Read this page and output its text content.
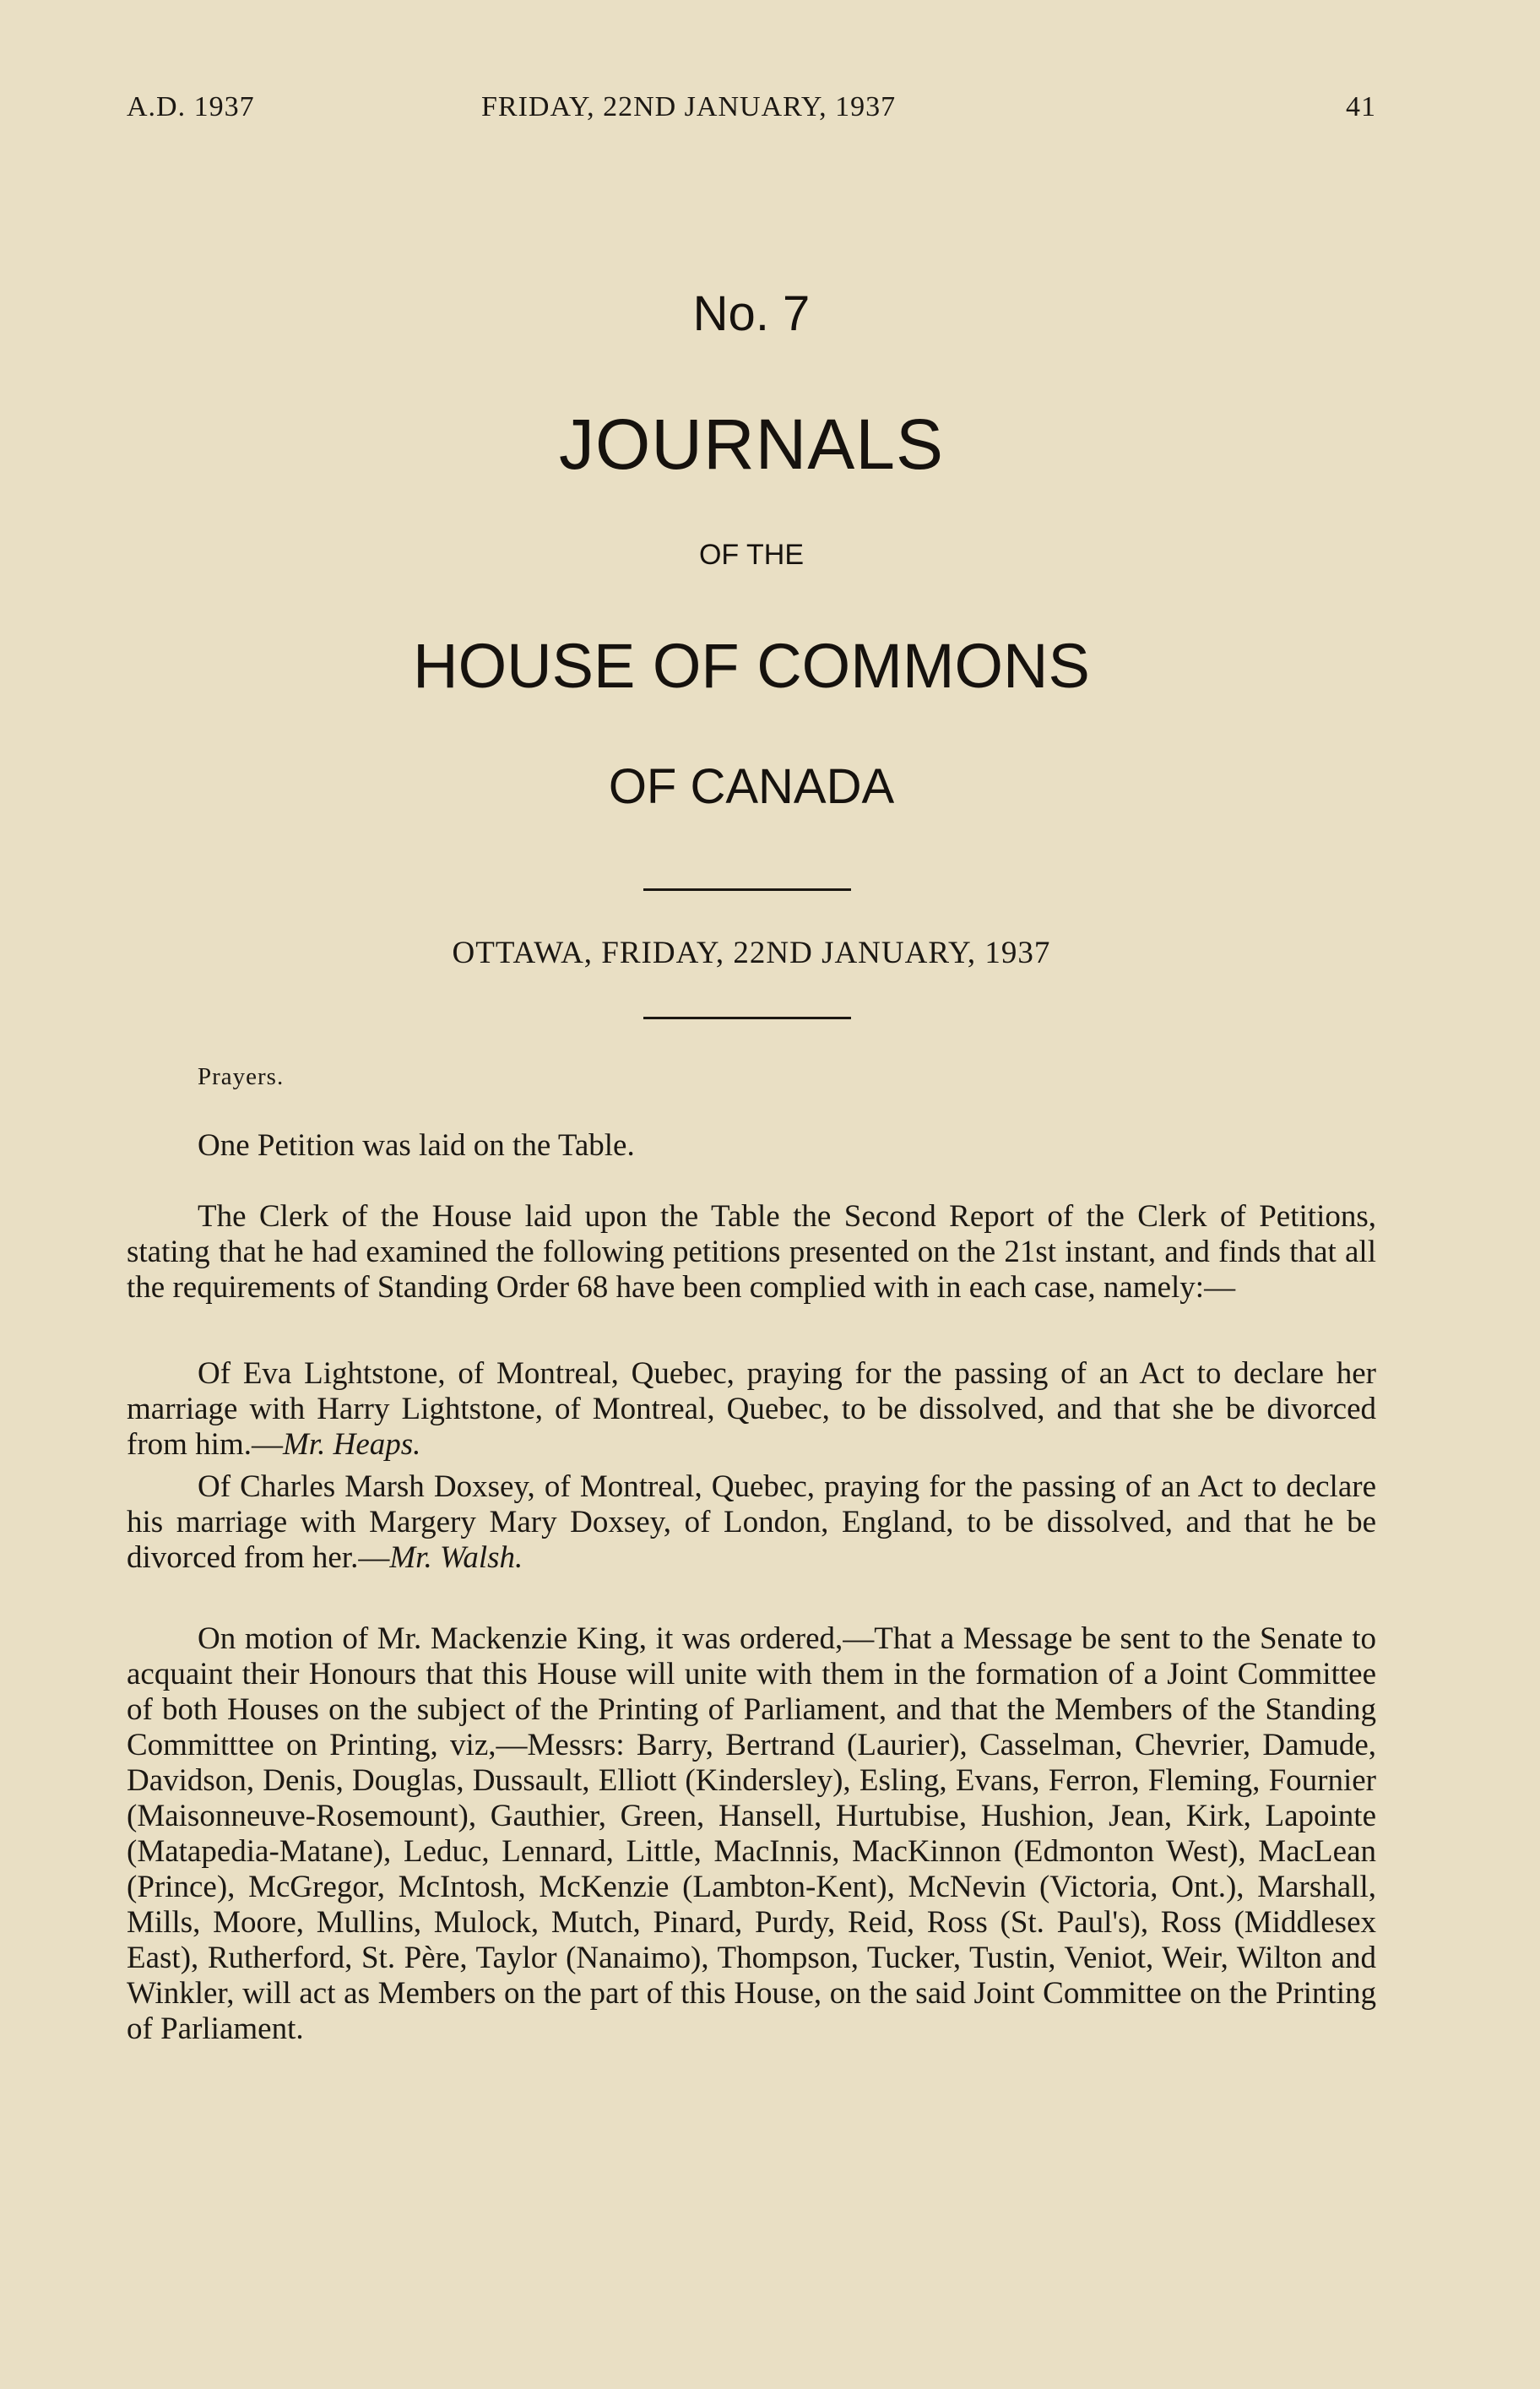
A.D. 1937	FRIDAY, 22ND JANUARY, 1937	41
No. 7
JOURNALS
OF THE
HOUSE OF COMMONS
OF CANADA
OTTAWA, FRIDAY, 22ND JANUARY, 1937
Prayers.

One Petition was laid on the Table.

The Clerk of the House laid upon the Table the Second Report of the Clerk of Petitions, stating that he had examined the following petitions presented on the 21st instant, and finds that all the requirements of Standing Order 68 have been complied with in each case, namely:—

Of Eva Lightstone, of Montreal, Quebec, praying for the passing of an Act to declare her marriage with Harry Lightstone, of Montreal, Quebec, to be dissolved, and that she be divorced from him.—Mr. Heaps.

Of Charles Marsh Doxsey, of Montreal, Quebec, praying for the passing of an Act to declare his marriage with Margery Mary Doxsey, of London, England, to be dissolved, and that he be divorced from her.—Mr. Walsh.

On motion of Mr. Mackenzie King, it was ordered,—That a Message be sent to the Senate to acquaint their Honours that this House will unite with them in the formation of a Joint Committee of both Houses on the subject of the Printing of Parliament, and that the Members of the Standing Committtee on Printing, viz,—Messrs: Barry, Bertrand (Laurier), Casselman, Chevrier, Damude, Davidson, Denis, Douglas, Dussault, Elliott (Kindersley), Esling, Evans, Ferron, Fleming, Fournier (Maisonneuve-Rosemount), Gauthier, Green, Hansell, Hurtubise, Hushion, Jean, Kirk, Lapointe (Matapedia-Matane), Leduc, Lennard, Little, MacInnis, MacKinnon (Edmonton West), MacLean (Prince), McGregor, McIntosh, McKenzie (Lambton-Kent), McNevin (Victoria, Ont.), Marshall, Mills, Moore, Mullins, Mulock, Mutch, Pinard, Purdy, Reid, Ross (St. Paul's), Ross (Middlesex East), Rutherford, St. Père, Taylor (Nanaimo), Thompson, Tucker, Tustin, Veniot, Weir, Wilton and Winkler, will act as Members on the part of this House, on the said Joint Committee on the Printing of Parliament.
